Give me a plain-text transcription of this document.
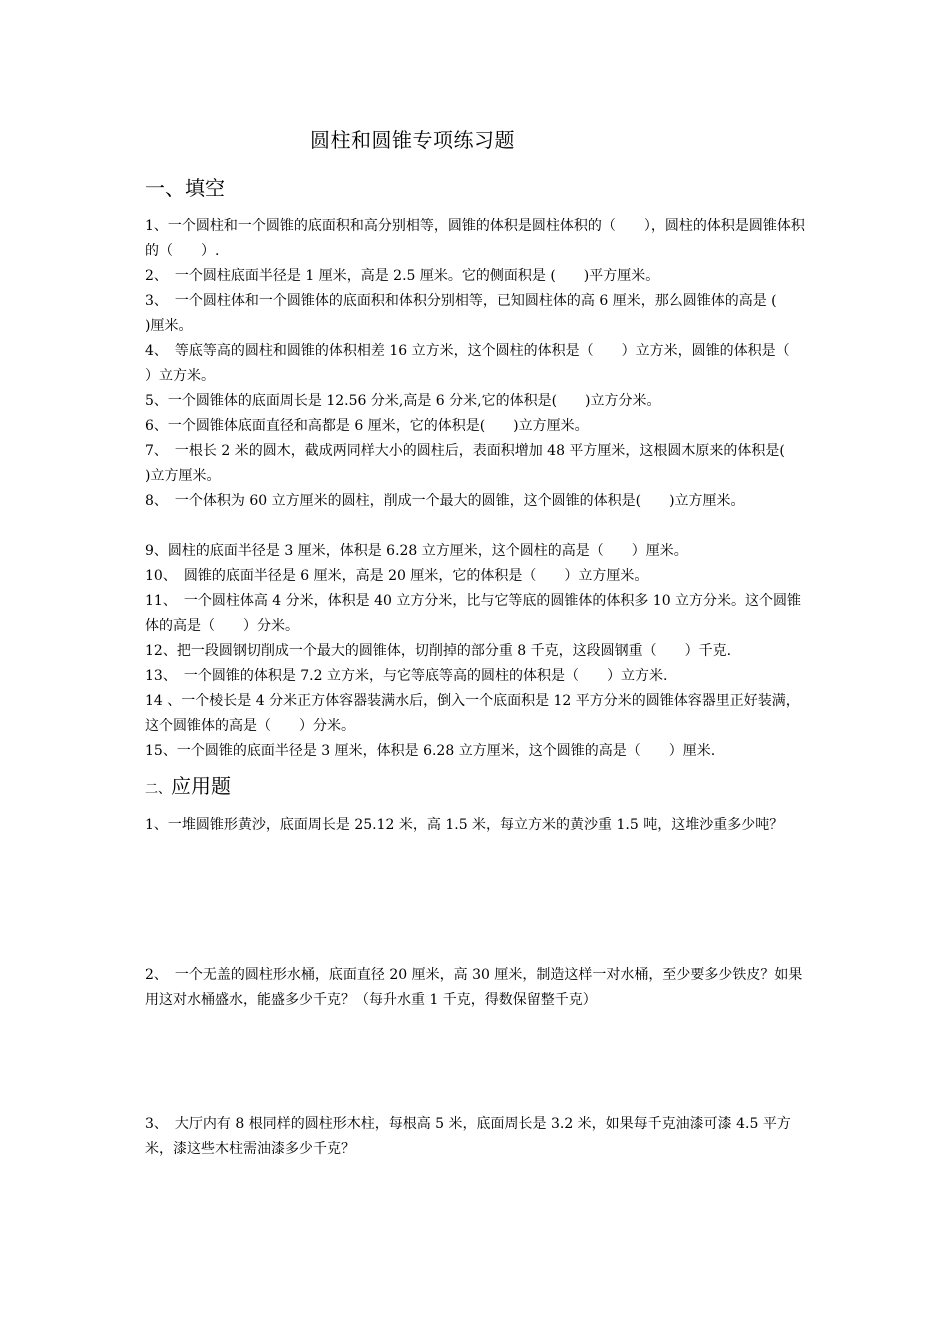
圆柱和圆锥专项练习题
一、填空

1、一个圆柱和一个圆锥的底面积和高分别相等，圆锥的体积是圆柱体积的（　　），圆柱的体积是圆锥体积的（　　）.

2、　一个圆柱底面半径是 1 厘米，高是 2.5 厘米。它的侧面积是 (　　)平方厘米。

3、　一个圆柱体和一个圆锥体的底面积和体积分别相等，已知圆柱体的高 6 厘米，那么圆锥体的高是 (　　)厘米。

4、　等底等高的圆柱和圆锥的体积相差 16 立方米，这个圆柱的体积是（　　）立方米，圆锥的体积是（　　）立方米。

5、一个圆锥体的底面周长是 12.56 分米,高是 6 分米,它的体积是(　　)立方分米。

6、一个圆锥体底面直径和高都是 6 厘米，它的体积是(　　)立方厘米。

7、　一根长 2 米的圆木，截成两同样大小的圆柱后，表面积增加 48 平方厘米，这根圆木原来的体积是(　　)立方厘米。

8、　一个体积为 60 立方厘米的圆柱，削成一个最大的圆锥，这个圆锥的体积是(　　)立方厘米。

9、圆柱的底面半径是 3 厘米，体积是 6.28 立方厘米，这个圆柱的高是（　　）厘米。

10、　圆锥的底面半径是 6 厘米，高是 20 厘米，它的体积是（　　）立方厘米。

11、　一个圆柱体高 4 分米，体积是 40 立方分米，比与它等底的圆锥体的体积多 10 立方分米。这个圆锥体的高是（　　）分米。

12、把一段圆钢切削成一个最大的圆锥体，切削掉的部分重 8 千克，这段圆钢重（　　）千克.

13、　一个圆锥的体积是 7.2 立方米，与它等底等高的圆柱的体积是（　　）立方米.

14 、一个棱长是 4 分米正方体容器装满水后，倒入一个底面积是 12 平方分米的圆锥体容器里正好装满，这个圆锥体的高是（　　）分米。

15、一个圆锥的底面半径是 3 厘米，体积是 6.28 立方厘米，这个圆锥的高是（　　）厘米.

二、应用题

1、一堆圆锥形黄沙，底面周长是 25.12 米，高 1.5 米，每立方米的黄沙重 1.5 吨，这堆沙重多少吨？

2、　一个无盖的圆柱形水桶，底面直径 20 厘米，高 30 厘米，制造这样一对水桶，至少要多少铁皮？如果用这对水桶盛水，能盛多少千克？（每升水重 1 千克，得数保留整千克）

3、　大厅内有 8 根同样的圆柱形木柱，每根高 5 米，底面周长是 3.2 米，如果每千克油漆可漆 4.5 平方米，漆这些木柱需油漆多少千克？
